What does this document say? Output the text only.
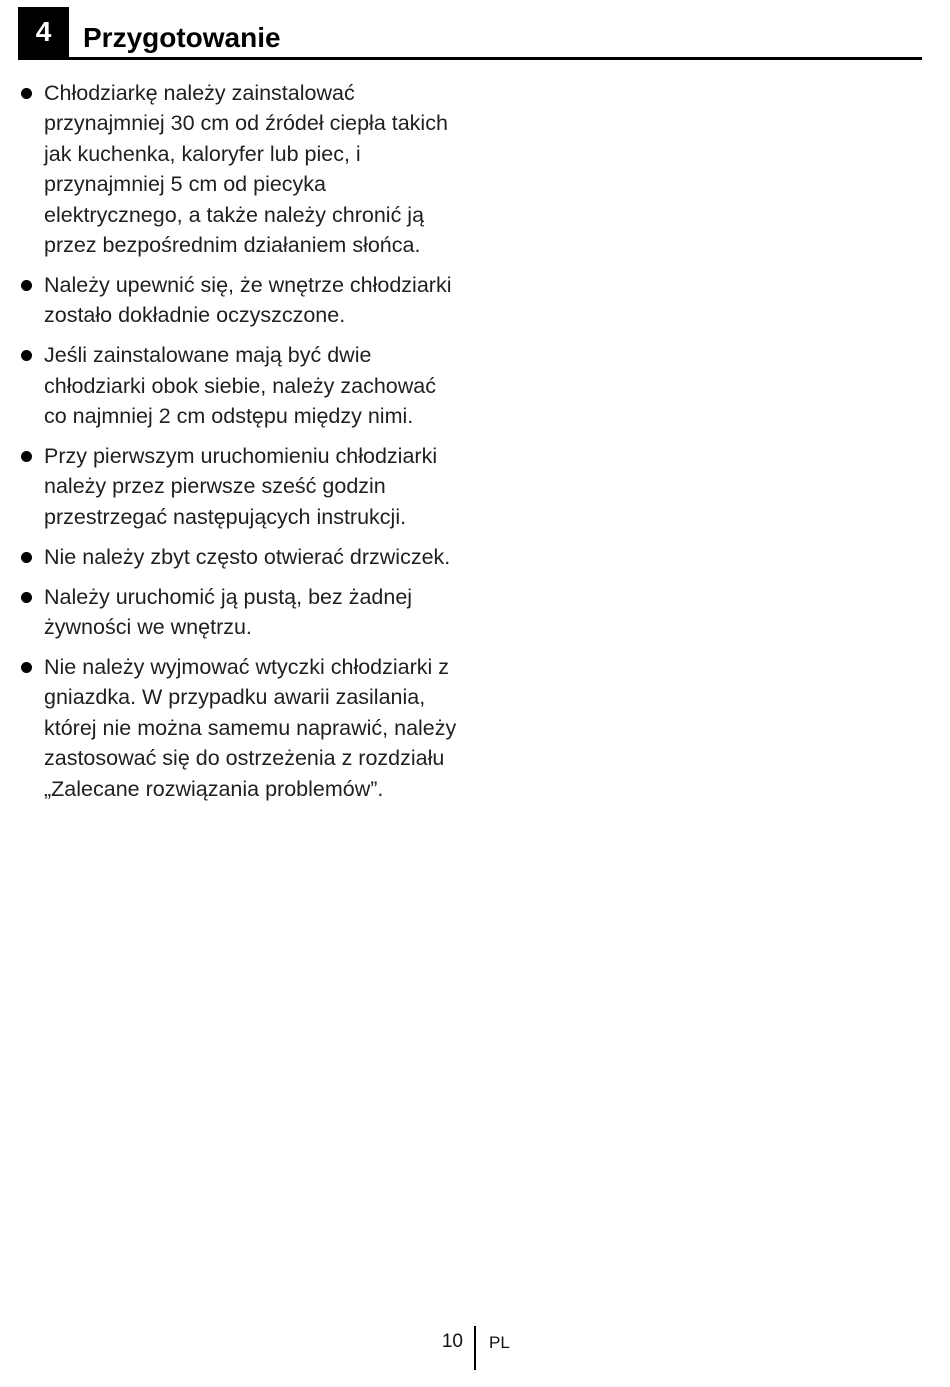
4	Przygotowanie
Chłodziarkę należy zainstalować przynajmniej 30 cm od źródeł ciepła takich jak kuchenka, kaloryfer lub piec, i przynajmniej 5 cm od piecyka elektrycznego, a także należy chronić ją przez bezpośrednim działaniem słońca.
Należy upewnić się, że wnętrze chłodziarki zostało dokładnie oczyszczone.
Jeśli zainstalowane mają być dwie chłodziarki obok siebie, należy zachować co najmniej 2 cm odstępu między nimi.
Przy pierwszym uruchomieniu chłodziarki należy przez pierwsze sześć godzin przestrzegać następujących instrukcji.
Nie należy zbyt często otwierać drzwiczek.
Należy uruchomić ją pustą, bez żadnej żywności we wnętrzu.
Nie należy wyjmować wtyczki chłodziarki z gniazdka. W przypadku awarii zasilania, której nie można samemu naprawić, należy zastosować się do ostrzeżenia z rozdziału „Zalecane rozwiązania problemów”.
10 PL
